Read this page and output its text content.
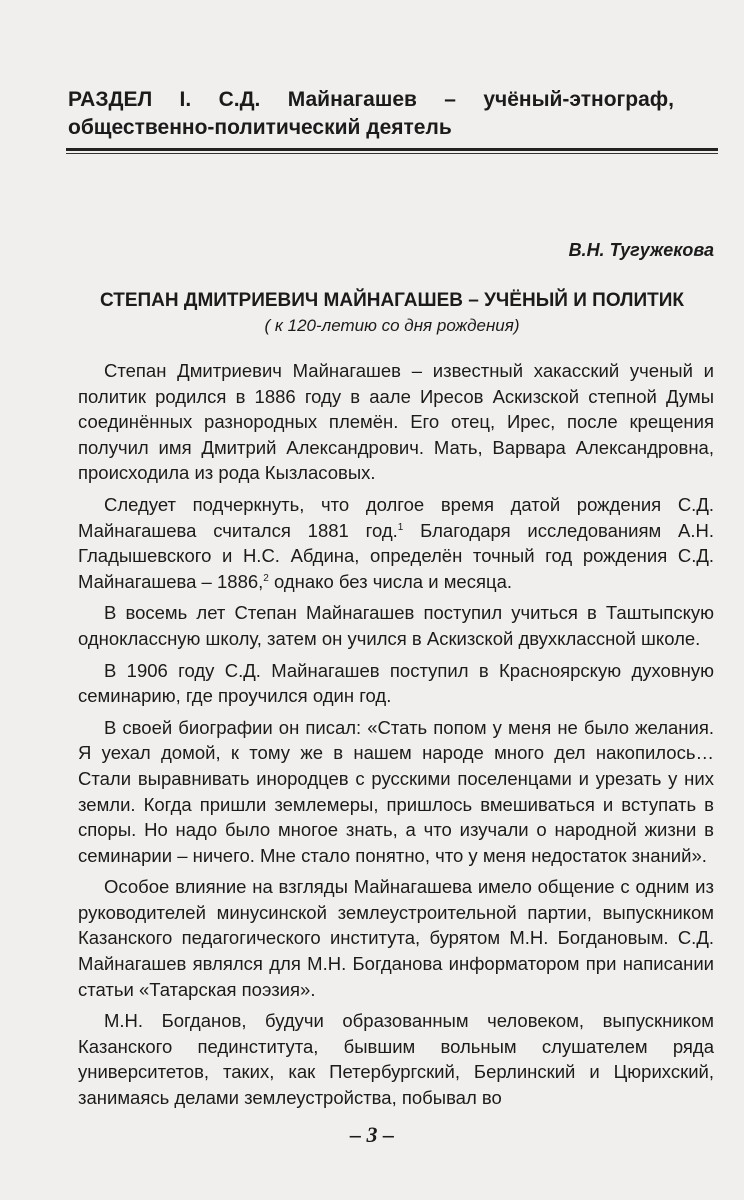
РАЗДЕЛ I. С.Д. Майнагашев – учёный-этнограф, общественно-политический деятель

В.Н. Тугужекова

СТЕПАН ДМИТРИЕВИЧ МАЙНАГАШЕВ – УЧЁНЫЙ И ПОЛИТИК

( к 120-летию со дня рождения)

Степан Дмитриевич Майнагашев – известный хакасский ученый и политик родился в 1886 году в аале Иресов Аскизской степной Думы соединённых разнородных племён. Его отец, Ирес, после крещения получил имя Дмитрий Александрович. Мать, Варвара Александровна, происходила из рода Кызласовых.

Следует подчеркнуть, что долгое время датой рождения С.Д. Майнагашева считался 1881 год.$^1$ Благодаря исследованиям А.Н. Гладышевского и Н.С. Абдина, определён точный год рождения С.Д. Майнагашева – 1886,$^2$ однако без числа и месяца.

В восемь лет Степан Майнагашев поступил учиться в Таштыпскую одноклассную школу, затем он учился в Аскизской двухклассной школе.

В 1906 году С.Д. Майнагашев поступил в Красноярскую духовную семинарию, где проучился один год.

В своей биографии он писал: «Стать попом у меня не было желания. Я уехал домой, к тому же в нашем народе много дел накопилось… Стали выравнивать инородцев с русскими поселенцами и урезать у них земли. Когда пришли землемеры, пришлось вмешиваться и вступать в споры. Но надо было многое знать, а что изучали о народной жизни в семинарии – ничего. Мне стало понятно, что у меня недостаток знаний».

Особое влияние на взгляды Майнагашева имело общение с одним из руководителей минусинской землеустроительной партии, выпускником Казанского педагогического института, бурятом М.Н. Богдановым. С.Д. Майнагашев являлся для М.Н. Богданова информатором при написании статьи «Татарская поэзия».

М.Н. Богданов, будучи образованным человеком, выпускником Казанского пединститута, бывшим вольным слушателем ряда университетов, таких, как Петербургский, Берлинский и Цюрихский, занимаясь делами землеустройства, побывал во

– 3 –
